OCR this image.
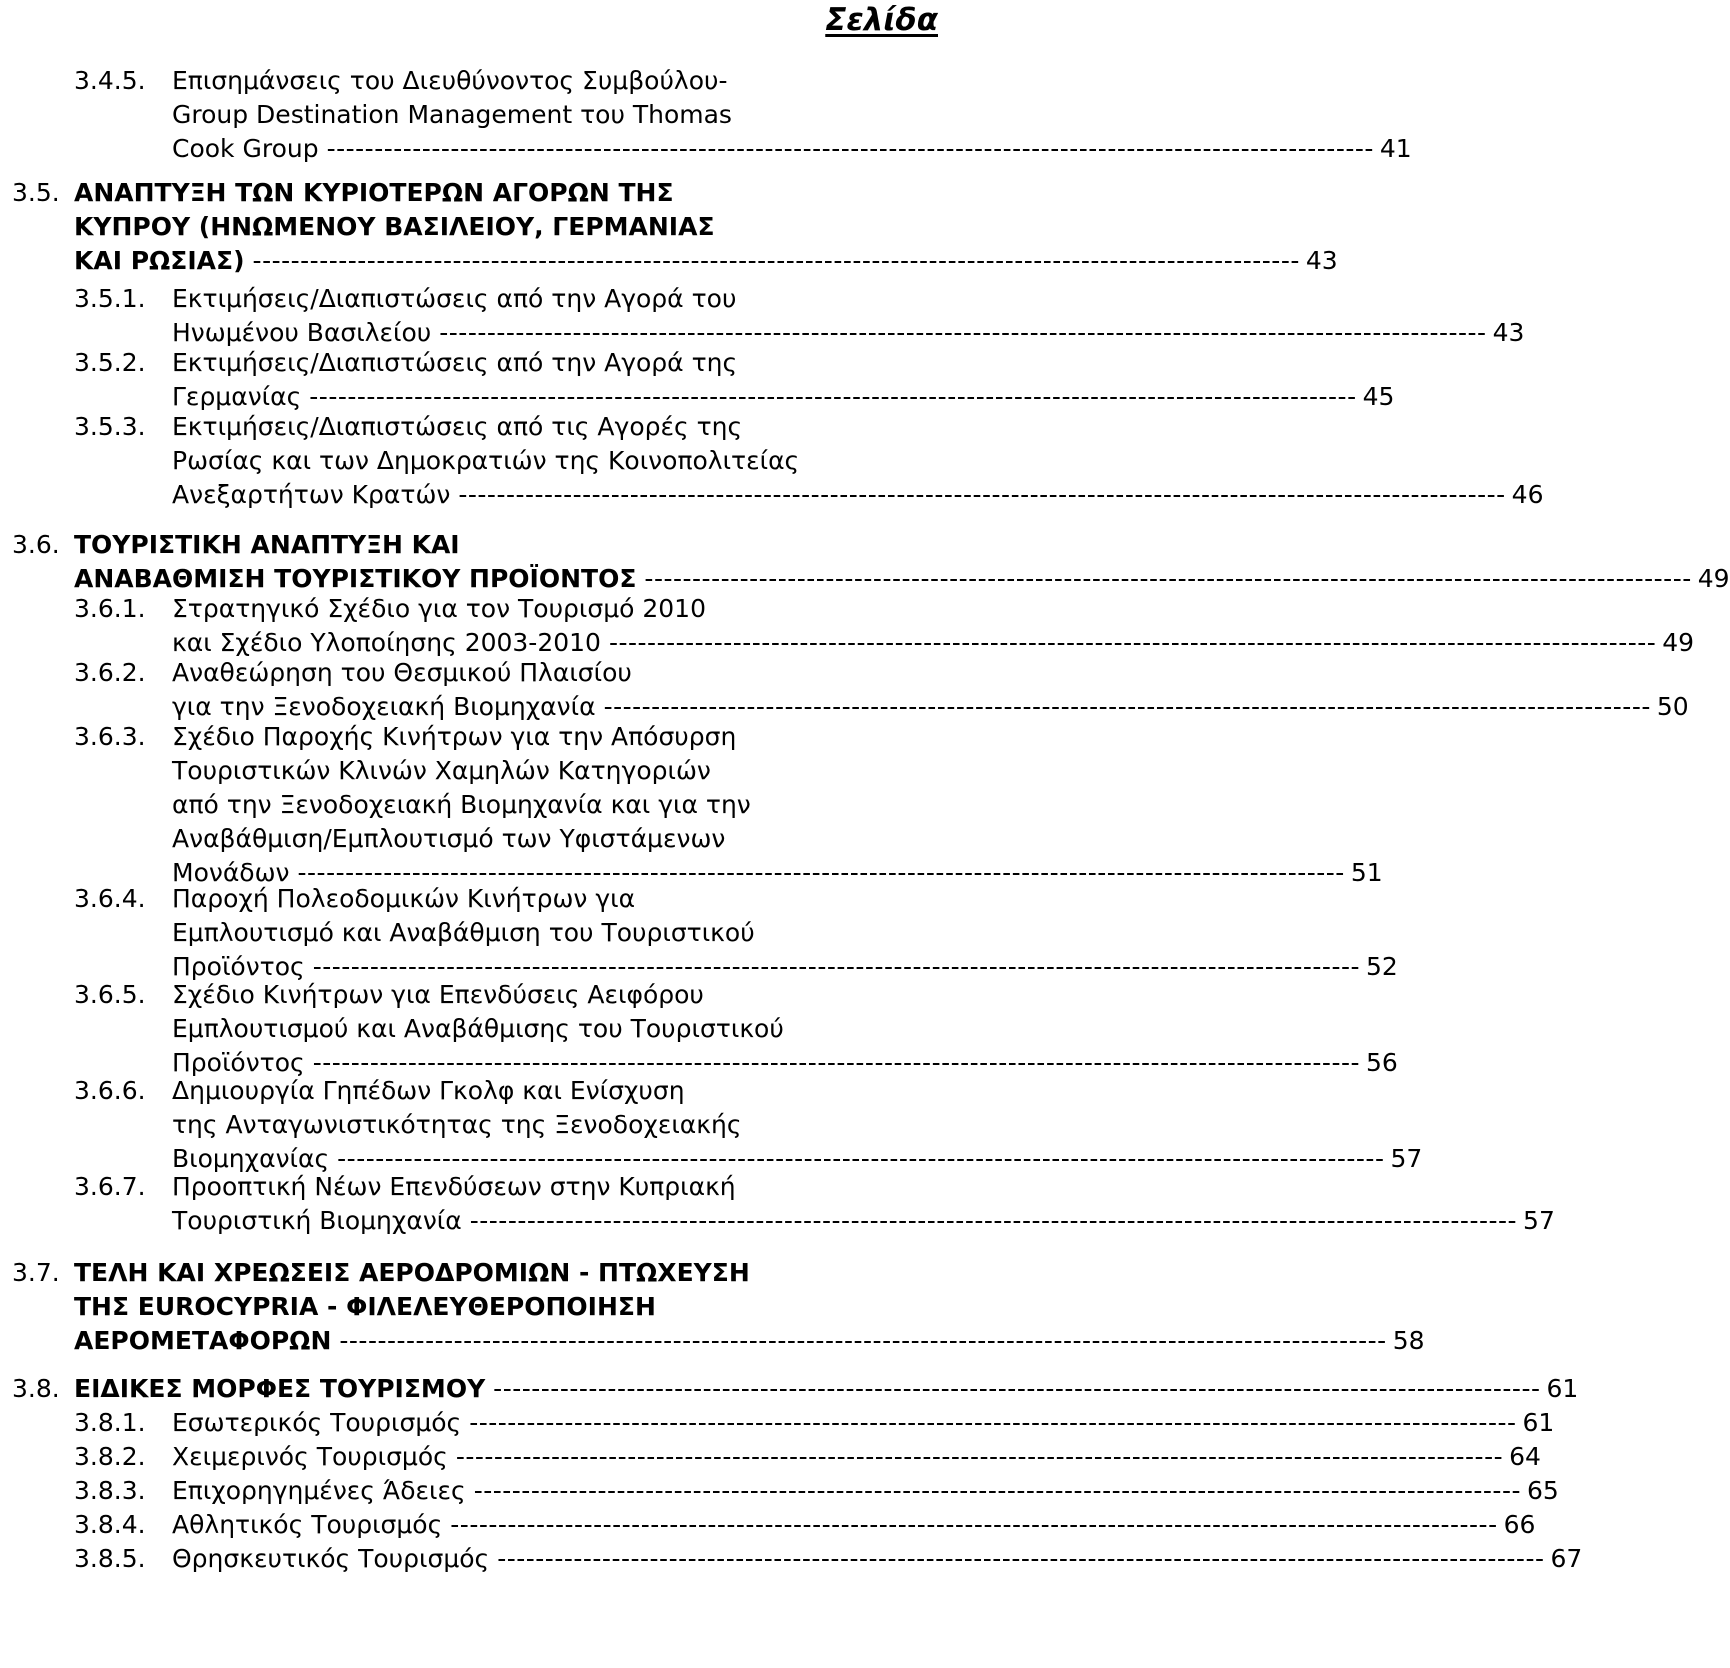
Σελίδα
3.4.5. Επισημάνσεις του Διευθύνοντος Συμβούλου-
Group Destination Management του Thomas
Cook Group -------------------------------------------------------------------------------------------------------------- 41
3.5. ΑΝΑΠΤΥΞΗ ΤΩΝ ΚΥΡΙΟΤΕΡΩΝ ΑΓΟΡΩΝ ΤΗΣ
ΚΥΠΡΟΥ (ΗΝΩΜΕΝΟΥ ΒΑΣΙΛΕΙΟΥ, ΓΕΡΜΑΝΙΑΣ
ΚΑΙ ΡΩΣΙΑΣ) -------------------------------------------------------------------------------------------------------------- 43
3.5.1. Εκτιμήσεις/Διαπιστώσεις από την Αγορά του
Ηνωμένου Βασιλείου -------------------------------------------------------------------------------------------------------------- 43
3.5.2. Εκτιμήσεις/Διαπιστώσεις από την Αγορά της
Γερμανίας -------------------------------------------------------------------------------------------------------------- 45
3.5.3. Εκτιμήσεις/Διαπιστώσεις από τις Αγορές της
Ρωσίας και των Δημοκρατιών της Κοινοπολιτείας
Ανεξαρτήτων Κρατών -------------------------------------------------------------------------------------------------------------- 46
3.6. ΤΟΥΡΙΣΤΙΚΗ ΑΝΑΠΤΥΞΗ ΚΑΙ
ΑΝΑΒΑΘΜΙΣΗ ΤΟΥΡΙΣΤΙΚΟΥ ΠΡΟΪΟΝΤΟΣ -------------------------------------------------------------------------------------------------------------- 49
3.6.1. Στρατηγικό Σχέδιο για τον Τουρισμό 2010
και Σχέδιο Υλοποίησης 2003-2010 -------------------------------------------------------------------------------------------------------------- 49
3.6.2. Αναθεώρηση του Θεσμικού Πλαισίου
για την Ξενοδοχειακή Βιομηχανία -------------------------------------------------------------------------------------------------------------- 50
3.6.3. Σχέδιο Παροχής Κινήτρων για την Απόσυρση
Τουριστικών Κλινών Χαμηλών Κατηγοριών
από την Ξενοδοχειακή Βιομηχανία και για την
Αναβάθμιση/Εμπλουτισμό των Υφιστάμενων
Μονάδων -------------------------------------------------------------------------------------------------------------- 51
3.6.4. Παροχή Πολεοδομικών Κινήτρων για
Εμπλουτισμό και Αναβάθμιση του Τουριστικού
Προϊόντος -------------------------------------------------------------------------------------------------------------- 52
3.6.5. Σχέδιο Κινήτρων για Επενδύσεις Αειφόρου
Εμπλουτισμού και Αναβάθμισης του Τουριστικού
Προϊόντος -------------------------------------------------------------------------------------------------------------- 56
3.6.6. Δημιουργία Γηπέδων Γκολφ και Ενίσχυση
της Ανταγωνιστικότητας της Ξενοδοχειακής
Βιομηχανίας -------------------------------------------------------------------------------------------------------------- 57
3.6.7. Προοπτική Νέων Επενδύσεων στην Κυπριακή
Τουριστική Βιομηχανία -------------------------------------------------------------------------------------------------------------- 57
3.7. ΤΕΛΗ ΚΑΙ ΧΡΕΩΣΕΙΣ ΑΕΡΟΔΡΟΜΙΩΝ - ΠΤΩΧΕΥΣΗ
ΤΗΣ EUROCYPRIA - ΦΙΛΕΛΕΥΘΕΡΟΠΟΙΗΣΗ
ΑΕΡΟΜΕΤΑΦΟΡΩΝ -------------------------------------------------------------------------------------------------------------- 58
3.8. ΕΙΔΙΚΕΣ ΜΟΡΦΕΣ ΤΟΥΡΙΣΜΟΥ -------------------------------------------------------------------------------------------------------------- 61
3.8.1. Εσωτερικός Τουρισμός -------------------------------------------------------------------------------------------------------------- 61
3.8.2. Χειμερινός Τουρισμός -------------------------------------------------------------------------------------------------------------- 64
3.8.3. Επιχορηγημένες Άδειες -------------------------------------------------------------------------------------------------------------- 65
3.8.4. Αθλητικός Τουρισμός -------------------------------------------------------------------------------------------------------------- 66
3.8.5. Θρησκευτικός Τουρισμός -------------------------------------------------------------------------------------------------------------- 67
